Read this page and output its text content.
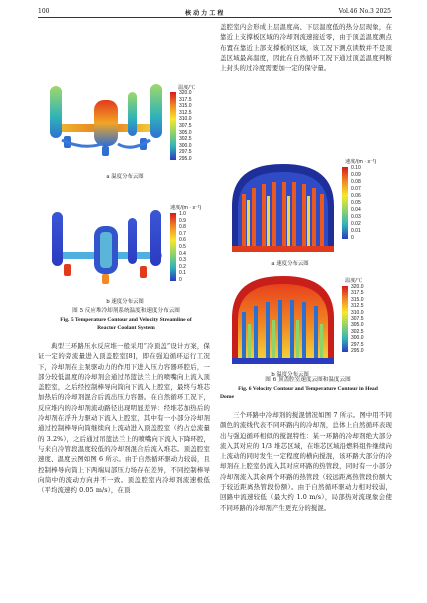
100	核 动 力 工 程	Vol.46 No.3 2025
温度/℃
320.0
317.5
315.0
312.5
310.0
307.5
305.0
302.5
300.0
297.5
295.0
a 温度分布云图
速度/(m · s⁻¹)
1.0
0.9
0.8
0.7
0.6
0.5
0.4
0.3
0.2
0.1
0
b 速度分布云图
图 5 反应堆冷却剂系统温度和速度分布云图
Fig. 5 Temperature Contour and Velocity Streamline of
Reactor Coolant System
典型三环路压水反应堆一般采用“冷顶盖”设计方案，保证一定的旁流量进入顶盖腔室[8]，即在强迫循环运行工况下，冷却剂在主泵驱动力的作用下进入压力容器环腔后，一部分较低温度的冷却剂会通过吊篮法兰上的喷嘴向上流入顶盖腔室，之后经控制棒导向筒向下流入上腔室，最终与堆芯加热后的冷却剂混合后流出压力容器。在自然循环工况下，反应堆内的冷却剂流动路径出现明显差异：经堆芯加热后的冷却剂在浮升力驱动下流入上腔室，其中有一小部分冷却剂通过控制棒导向筒继续向上流动进入顶盖腔室（约占总流量的 3.2%），之后通过吊篮法兰上的喷嘴向下流入下降环腔，与来自冷管段温度较低的冷却剂混合后流入堆芯。顶盖腔室速度、温度云图如图 6 所示。由于自然循环驱动力较弱，且控制棒导向筒上下两端局部压力场存在差异，不同控制棒导向筒中的流动方向并不一致。顶盖腔室内冷却剂流速极低（平均流速约 0.05 m/s），在顶
盖腔室内会形成上层温度高、下层温度低的热分层现象，在靠近上支撑板区域的冷却剂流速接近零，由于顶盖温度测点布置在靠近上部支撑板的区域，该工况下测点读数并不是顶盖区域最高温度，因此在自然循环工况下通过顶盖温度判断上封头的过冷度需要加一定的保守量。
速度/(m · s⁻¹)
0.10
0.09
0.08
0.07
0.06
0.05
0.04
0.03
0.02
0.01
0
a 速度分布云图
温度/℃
320.0
317.5
315.0
312.5
310.0
307.5
305.0
302.5
300.0
297.5
295.0
b 温度分布云图
图 6 顶盖腔室速度云图和温度云图
Fig. 6 Velocity Contour and Temperature Contour in Head
Dome
三个环路中冷却剂的搅混情况如图 7 所示。图中用不同颜色的流线代表不同环路内的冷却剂，总体上自然循环表现出与强迫循环相似的搅混特性：某一环路的冷却剂绝大部分流入其对应的 1/3 堆芯区域，在堆芯区域沿燃料组件继续向上流动的同时发生一定程度的横向搅混，该环路大部分的冷却剂在上腔室仍流入其对应环路的热管段，同时有一小部分冷却剂流入其余两个环路的热管段（较远距离热管段份额大于较近距离热管段份额）。由于自然循环驱动力相对较弱，回路中流速较低（最大约 1.0 m/s），局部热对流现象会使不同环路的冷却剂产生更充分的搅混。
